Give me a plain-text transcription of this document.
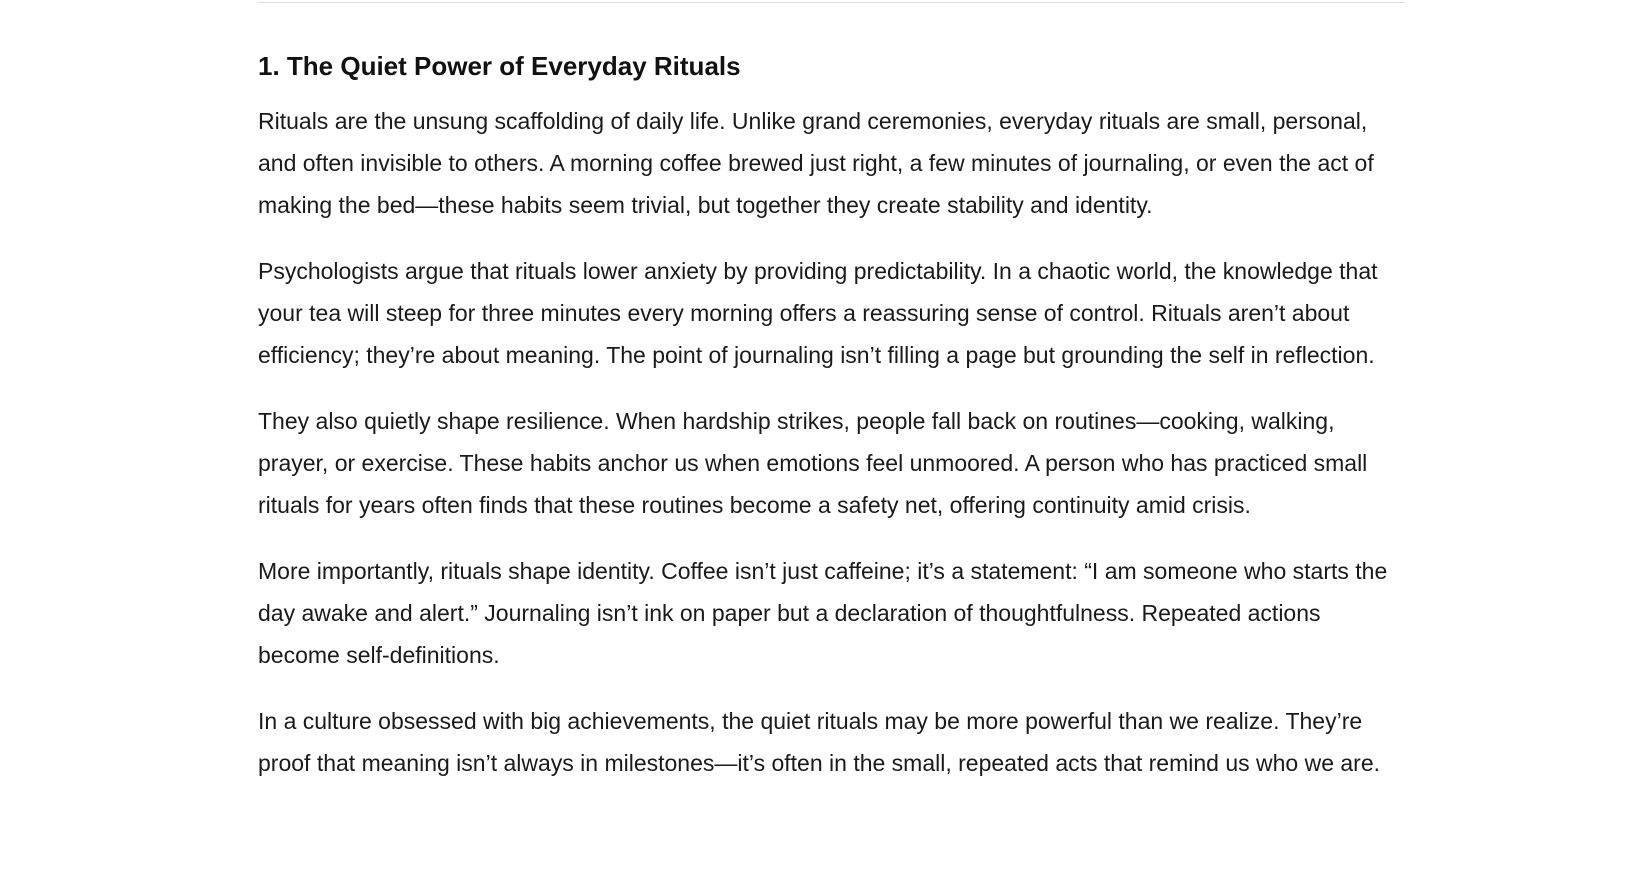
1. The Quiet Power of Everyday Rituals

Rituals are the unsung scaffolding of daily life. Unlike grand ceremonies, everyday rituals are small, personal, and often invisible to others. A morning coffee brewed just right, a few minutes of journaling, or even the act of making the bed—these habits seem trivial, but together they create stability and identity.

Psychologists argue that rituals lower anxiety by providing predictability. In a chaotic world, the knowledge that your tea will steep for three minutes every morning offers a reassuring sense of control. Rituals aren’t about efficiency; they’re about meaning. The point of journaling isn’t filling a page but grounding the self in reflection.

They also quietly shape resilience. When hardship strikes, people fall back on routines—cooking, walking, prayer, or exercise. These habits anchor us when emotions feel unmoored. A person who has practiced small rituals for years often finds that these routines become a safety net, offering continuity amid crisis.

More importantly, rituals shape identity. Coffee isn’t just caffeine; it’s a statement: “I am someone who starts the day awake and alert.” Journaling isn’t ink on paper but a declaration of thoughtfulness. Repeated actions become self-definitions.

In a culture obsessed with big achievements, the quiet rituals may be more powerful than we realize. They’re proof that meaning isn’t always in milestones—it’s often in the small, repeated acts that remind us who we are.
